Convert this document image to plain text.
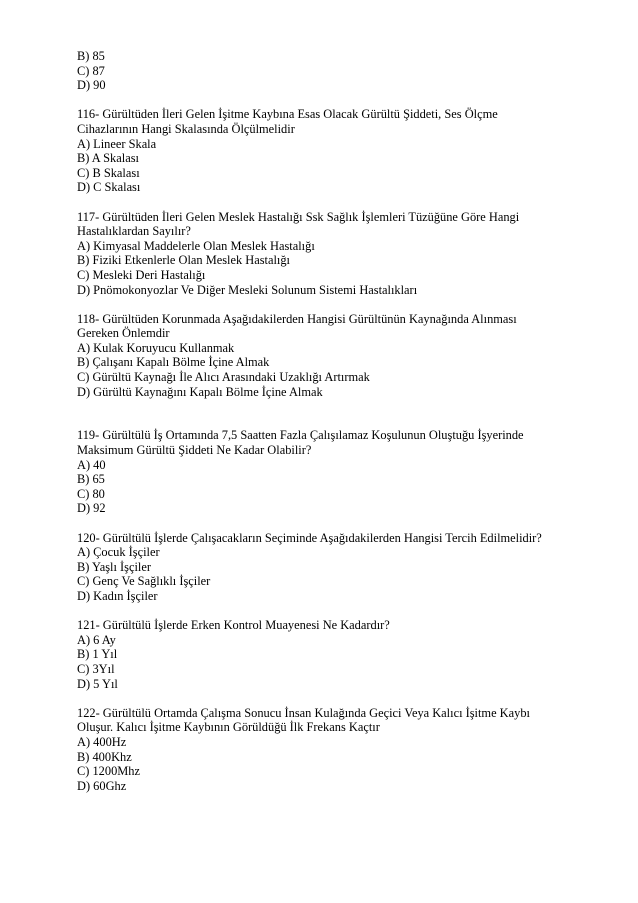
B) 85
C) 87
D) 90
116- Gürültüden İleri Gelen İşitme Kaybına Esas Olacak Gürültü Şiddeti, Ses Ölçme
Cihazlarının Hangi Skalasında Ölçülmelidir
A) Lineer Skala
B) A Skalası
C) B Skalası
D) C Skalası
117- Gürültüden İleri Gelen Meslek Hastalığı Ssk Sağlık İşlemleri Tüzüğüne Göre Hangi
Hastalıklardan Sayılır?
A) Kimyasal Maddelerle Olan Meslek Hastalığı
B) Fiziki Etkenlerle Olan Meslek Hastalığı
C) Mesleki Deri Hastalığı
D) Pnömokonyozlar Ve Diğer Mesleki Solunum Sistemi Hastalıkları
118- Gürültüden Korunmada Aşağıdakilerden Hangisi Gürültünün Kaynağında Alınması
Gereken Önlemdir
A) Kulak Koruyucu Kullanmak
B) Çalışanı Kapalı Bölme İçine Almak
C) Gürültü Kaynağı İle Alıcı Arasındaki Uzaklığı Artırmak
D) Gürültü Kaynağını Kapalı Bölme İçine Almak
119- Gürültülü İş Ortamında 7,5 Saatten Fazla Çalışılamaz Koşulunun Oluştuğu İşyerinde
Maksimum Gürültü Şiddeti Ne Kadar Olabilir?
A) 40
B) 65
C) 80
D) 92
120- Gürültülü İşlerde Çalışacakların Seçiminde Aşağıdakilerden Hangisi Tercih Edilmelidir?
A) Çocuk İşçiler
B) Yaşlı İşçiler
C) Genç Ve Sağlıklı İşçiler
D) Kadın İşçiler
121- Gürültülü İşlerde Erken Kontrol Muayenesi Ne Kadardır?
A) 6 Ay
B) 1 Yıl
C) 3Yıl
D) 5 Yıl
122- Gürültülü Ortamda Çalışma Sonucu İnsan Kulağında Geçici Veya Kalıcı İşitme Kaybı
Oluşur. Kalıcı İşitme Kaybının Görüldüğü İlk Frekans Kaçtır
A) 400Hz
B) 400Khz
C) 1200Mhz
D) 60Ghz
